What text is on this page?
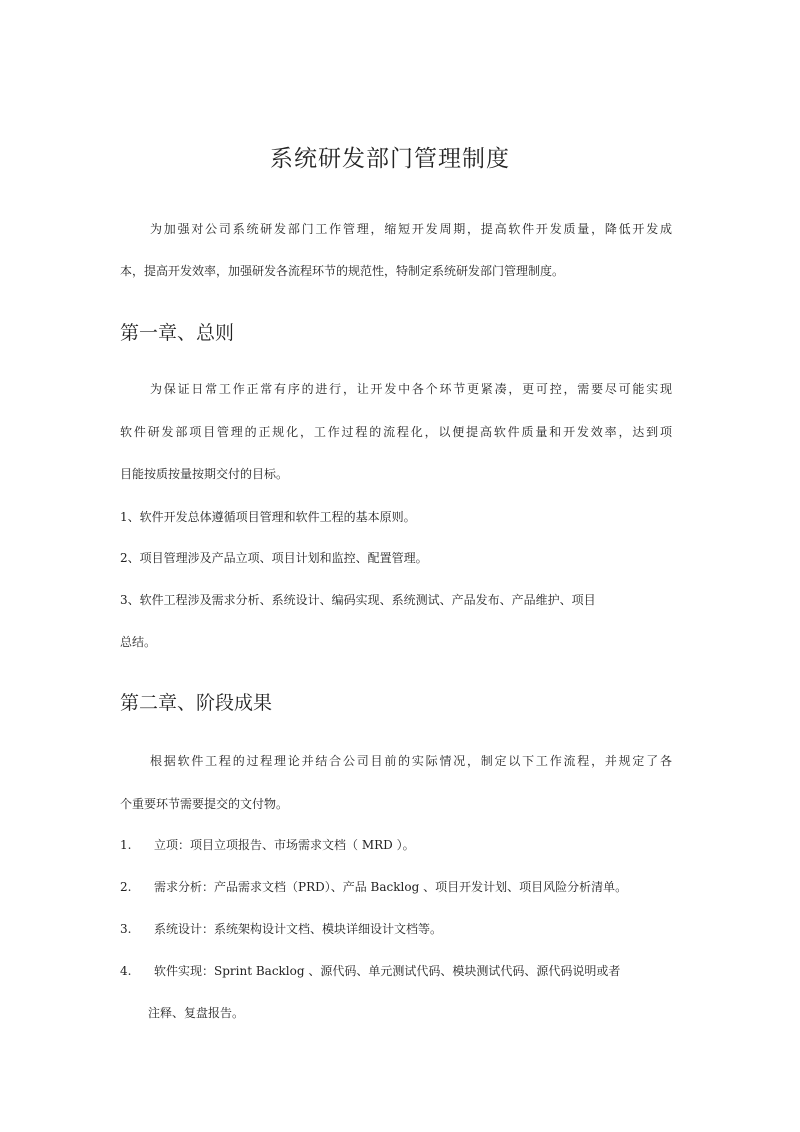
系统研发部门管理制度

为加强对公司系统研发部门工作管理，缩短开发周期，提高软件开发质量，降低开发成

本，提高开发效率，加强研发各流程环节的规范性，特制定系统研发部门管理制度。

第一章、总则

为保证日常工作正常有序的进行，让开发中各个环节更紧凑，更可控，需要尽可能实现

软件研发部项目管理的正规化，工作过程的流程化，以便提高软件质量和开发效率，达到项

目能按质按量按期交付的目标。

1、软件开发总体遵循项目管理和软件工程的基本原则。

2、项目管理涉及产品立项、项目计划和监控、配置管理。

3、软件工程涉及需求分析、系统设计、编码实现、系统测试、产品发布、产品维护、项目

总结。

第二章、阶段成果

根据软件工程的过程理论并结合公司目前的实际情况，制定以下工作流程，并规定了各

个重要环节需要提交的文付物。

1. 立项：项目立项报告、市场需求文档（ MRD ）。
2. 需求分析：产品需求文档（PRD）、产品 Backlog 、项目开发计划、项目风险分析清单。
3. 系统设计：系统架构设计文档、模块详细设计文档等。
4. 软件实现：Sprint Backlog 、源代码、单元测试代码、模块测试代码、源代码说明或者

注释、复盘报告。
